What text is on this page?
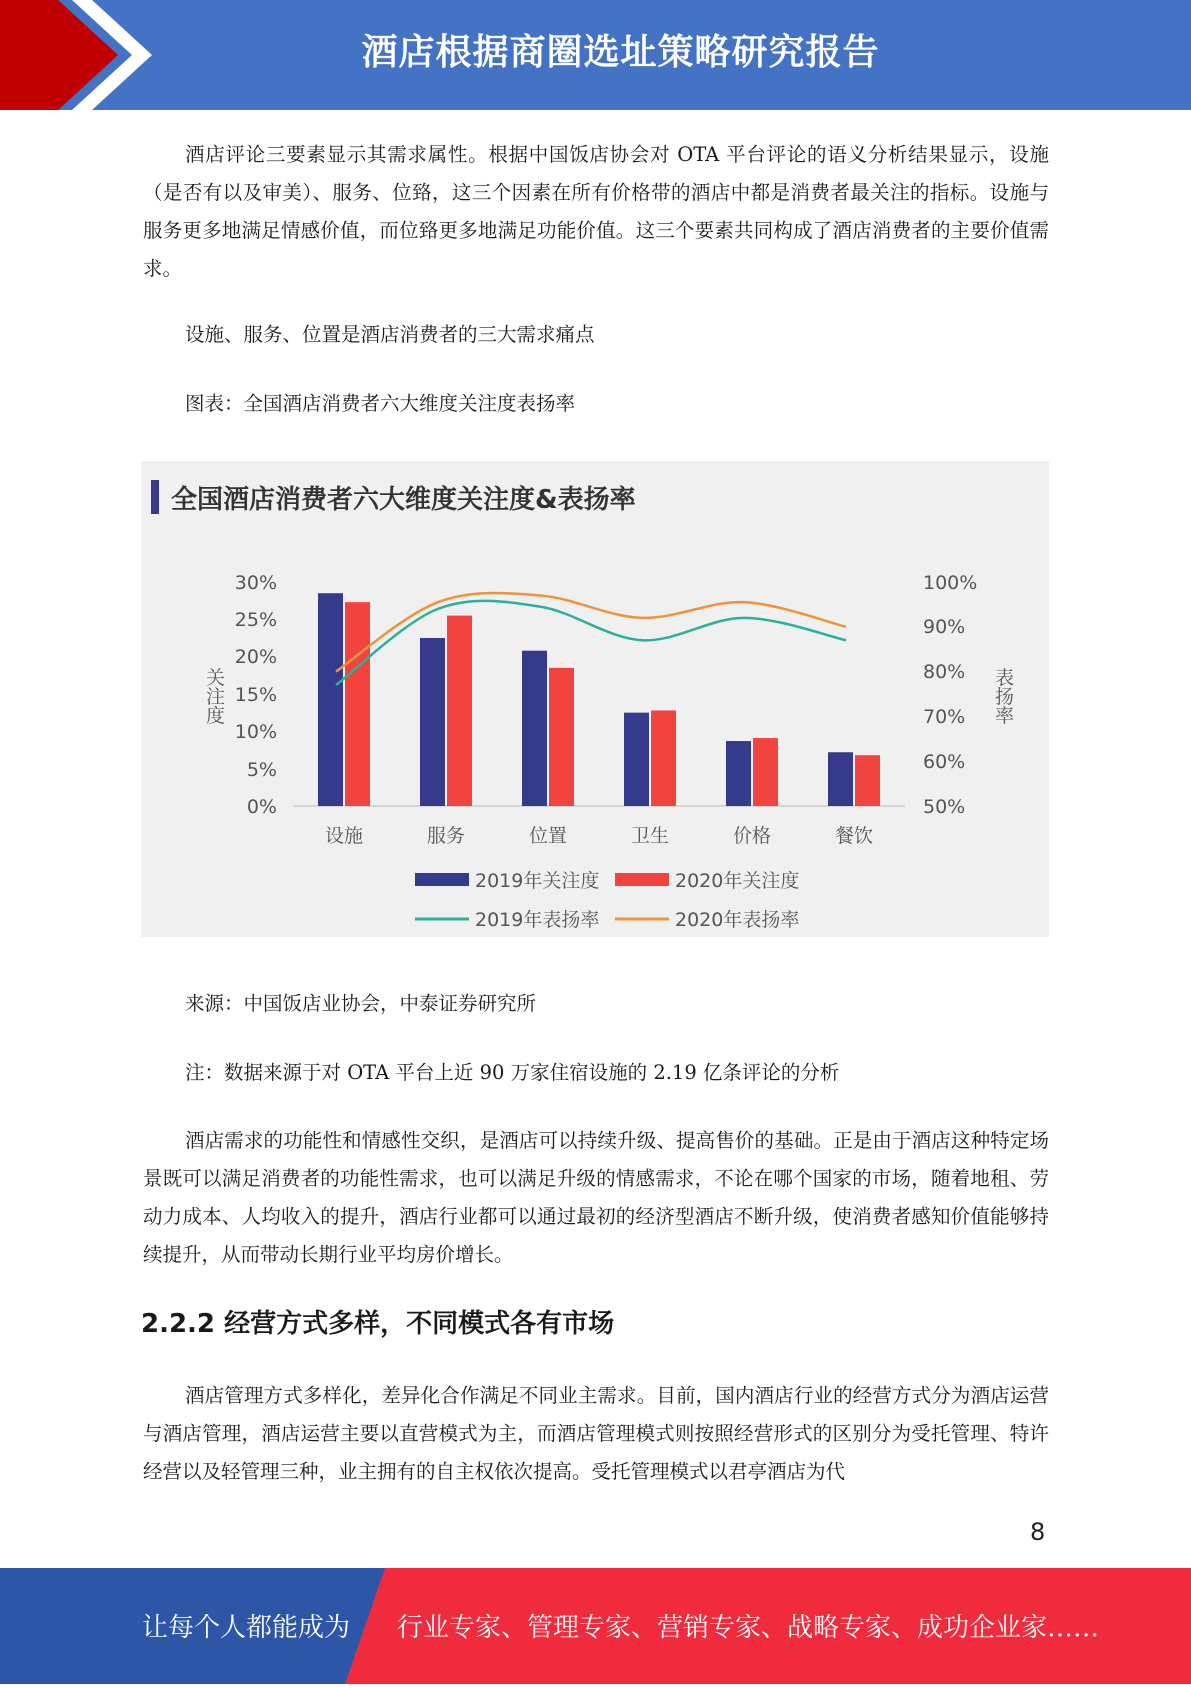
酒店根据商圈选址策略研究报告

酒店评论三要素显示其需求属性。根据中国饭店协会对 OTA 平台评论的语义分析结果显示，设施（是否有以及审美）、服务、位臵，这三个因素在所有价格带的酒店中都是消费者最关注的指标。设施与服务更多地满足情感价值，而位臵更多地满足功能价值。这三个要素共同构成了酒店消费者的主要价值需求。

设施、服务、位置是酒店消费者的三大需求痛点

图表：全国酒店消费者六大维度关注度表扬率

全国酒店消费者六大维度关注度&表扬率
0%
5%
10%
15%
20%
25%
30%
50%
60%
70%
80%
90%
100%
关注度	表扬率
设施	服务	位置	卫生	价格	餐饮
2019年关注度	2020年关注度
2019年表扬率	2020年表扬率

来源：中国饭店业协会，中泰证券研究所

注：数据来源于对 OTA 平台上近 90 万家住宿设施的 2.19 亿条评论的分析

酒店需求的功能性和情感性交织，是酒店可以持续升级、提高售价的基础。正是由于酒店这种特定场景既可以满足消费者的功能性需求，也可以满足升级的情感需求，不论在哪个国家的市场，随着地租、劳动力成本、人均收入的提升，酒店行业都可以通过最初的经济型酒店不断升级，使消费者感知价值能够持续提升，从而带动长期行业平均房价增长。

2.2.2 经营方式多样，不同模式各有市场

酒店管理方式多样化，差异化合作满足不同业主需求。目前，国内酒店行业的经营方式分为酒店运营与酒店管理，酒店运营主要以直营模式为主，而酒店管理模式则按照经营形式的区别分为受托管理、特许经营以及轻管理三种，业主拥有的自主权依次提高。受托管理模式以君亭酒店为代

8
让每个人都能成为 行业专家、管理专家、营销专家、战略专家、成功企业家……
